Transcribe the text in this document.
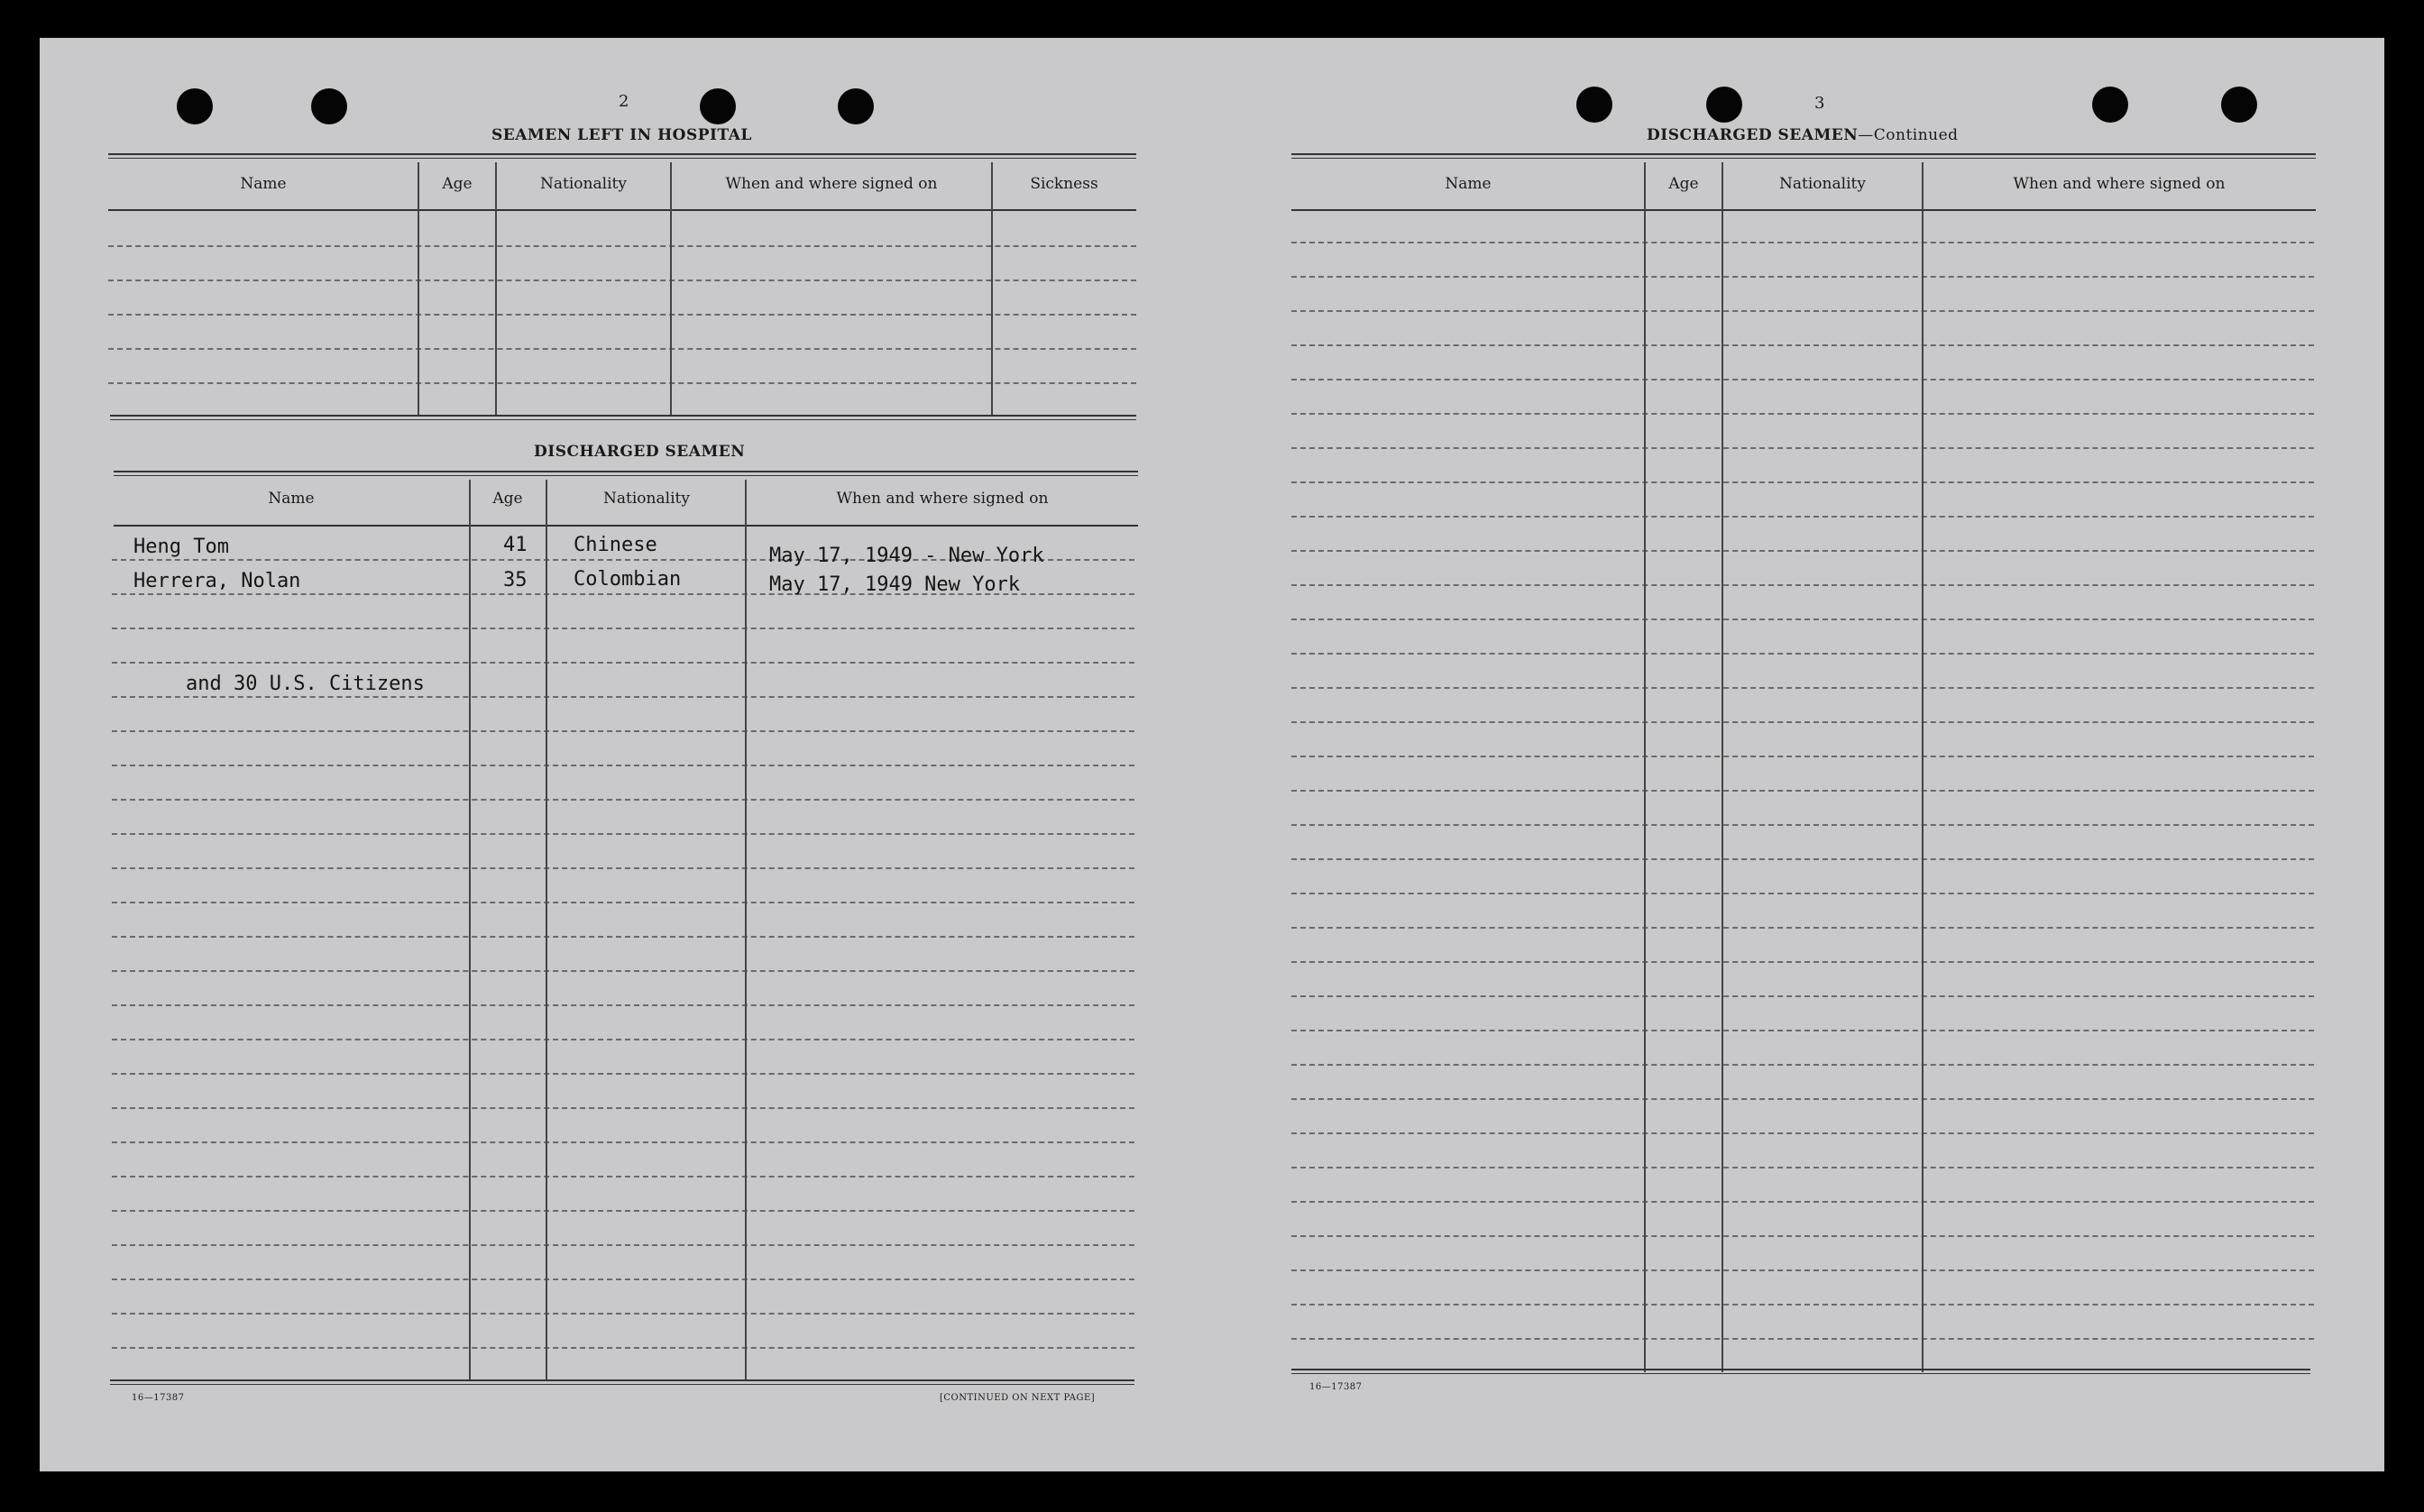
2
SEAMEN LEFT IN HOSPITAL
Name	Age	Nationality	When and where signed on	Sickness
DISCHARGED SEAMEN
Name	Age	Nationality	When and where signed on
Heng Tom	41 Chinese	May 17, 1949 - New York
Herrera, Nolan	35 Colombian	May 17, 1949 New York
and 30 U.S. Citizens
16—17387	[CONTINUED ON NEXT PAGE]
3
DISCHARGED SEAMEN—Continued
Name	Age	Nationality	When and where signed on
16—17387
